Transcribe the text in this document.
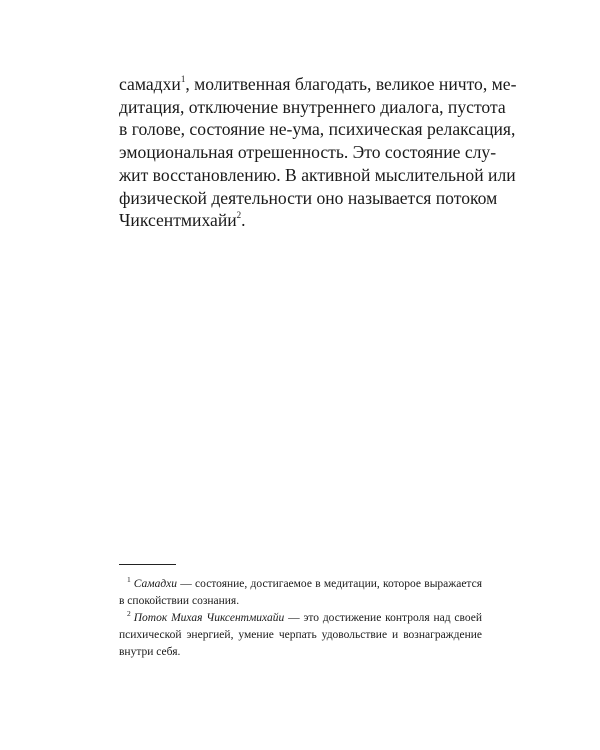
самадхи$^1$, молитвенная благодать, великое ничто, ме-
дитация, отключение внутреннего диалога, пустота
в голове, состояние не-ума, психическая релаксация,
эмоциональная отрешенность. Это состояние слу-
жит восстановлению. В активной мыслительной или
физической деятельности оно называется потоком
Чиксентмихайи$^2$.
$^1$ Самадхи — состояние, достигаемое в медитации, которое выражается
в спокойствии сознания.
$^2$ Поток Михая Чиксентмихайи — это достижение контроля над своей
психической энергией, умение черпать удовольствие и вознаграждение
внутри себя.
